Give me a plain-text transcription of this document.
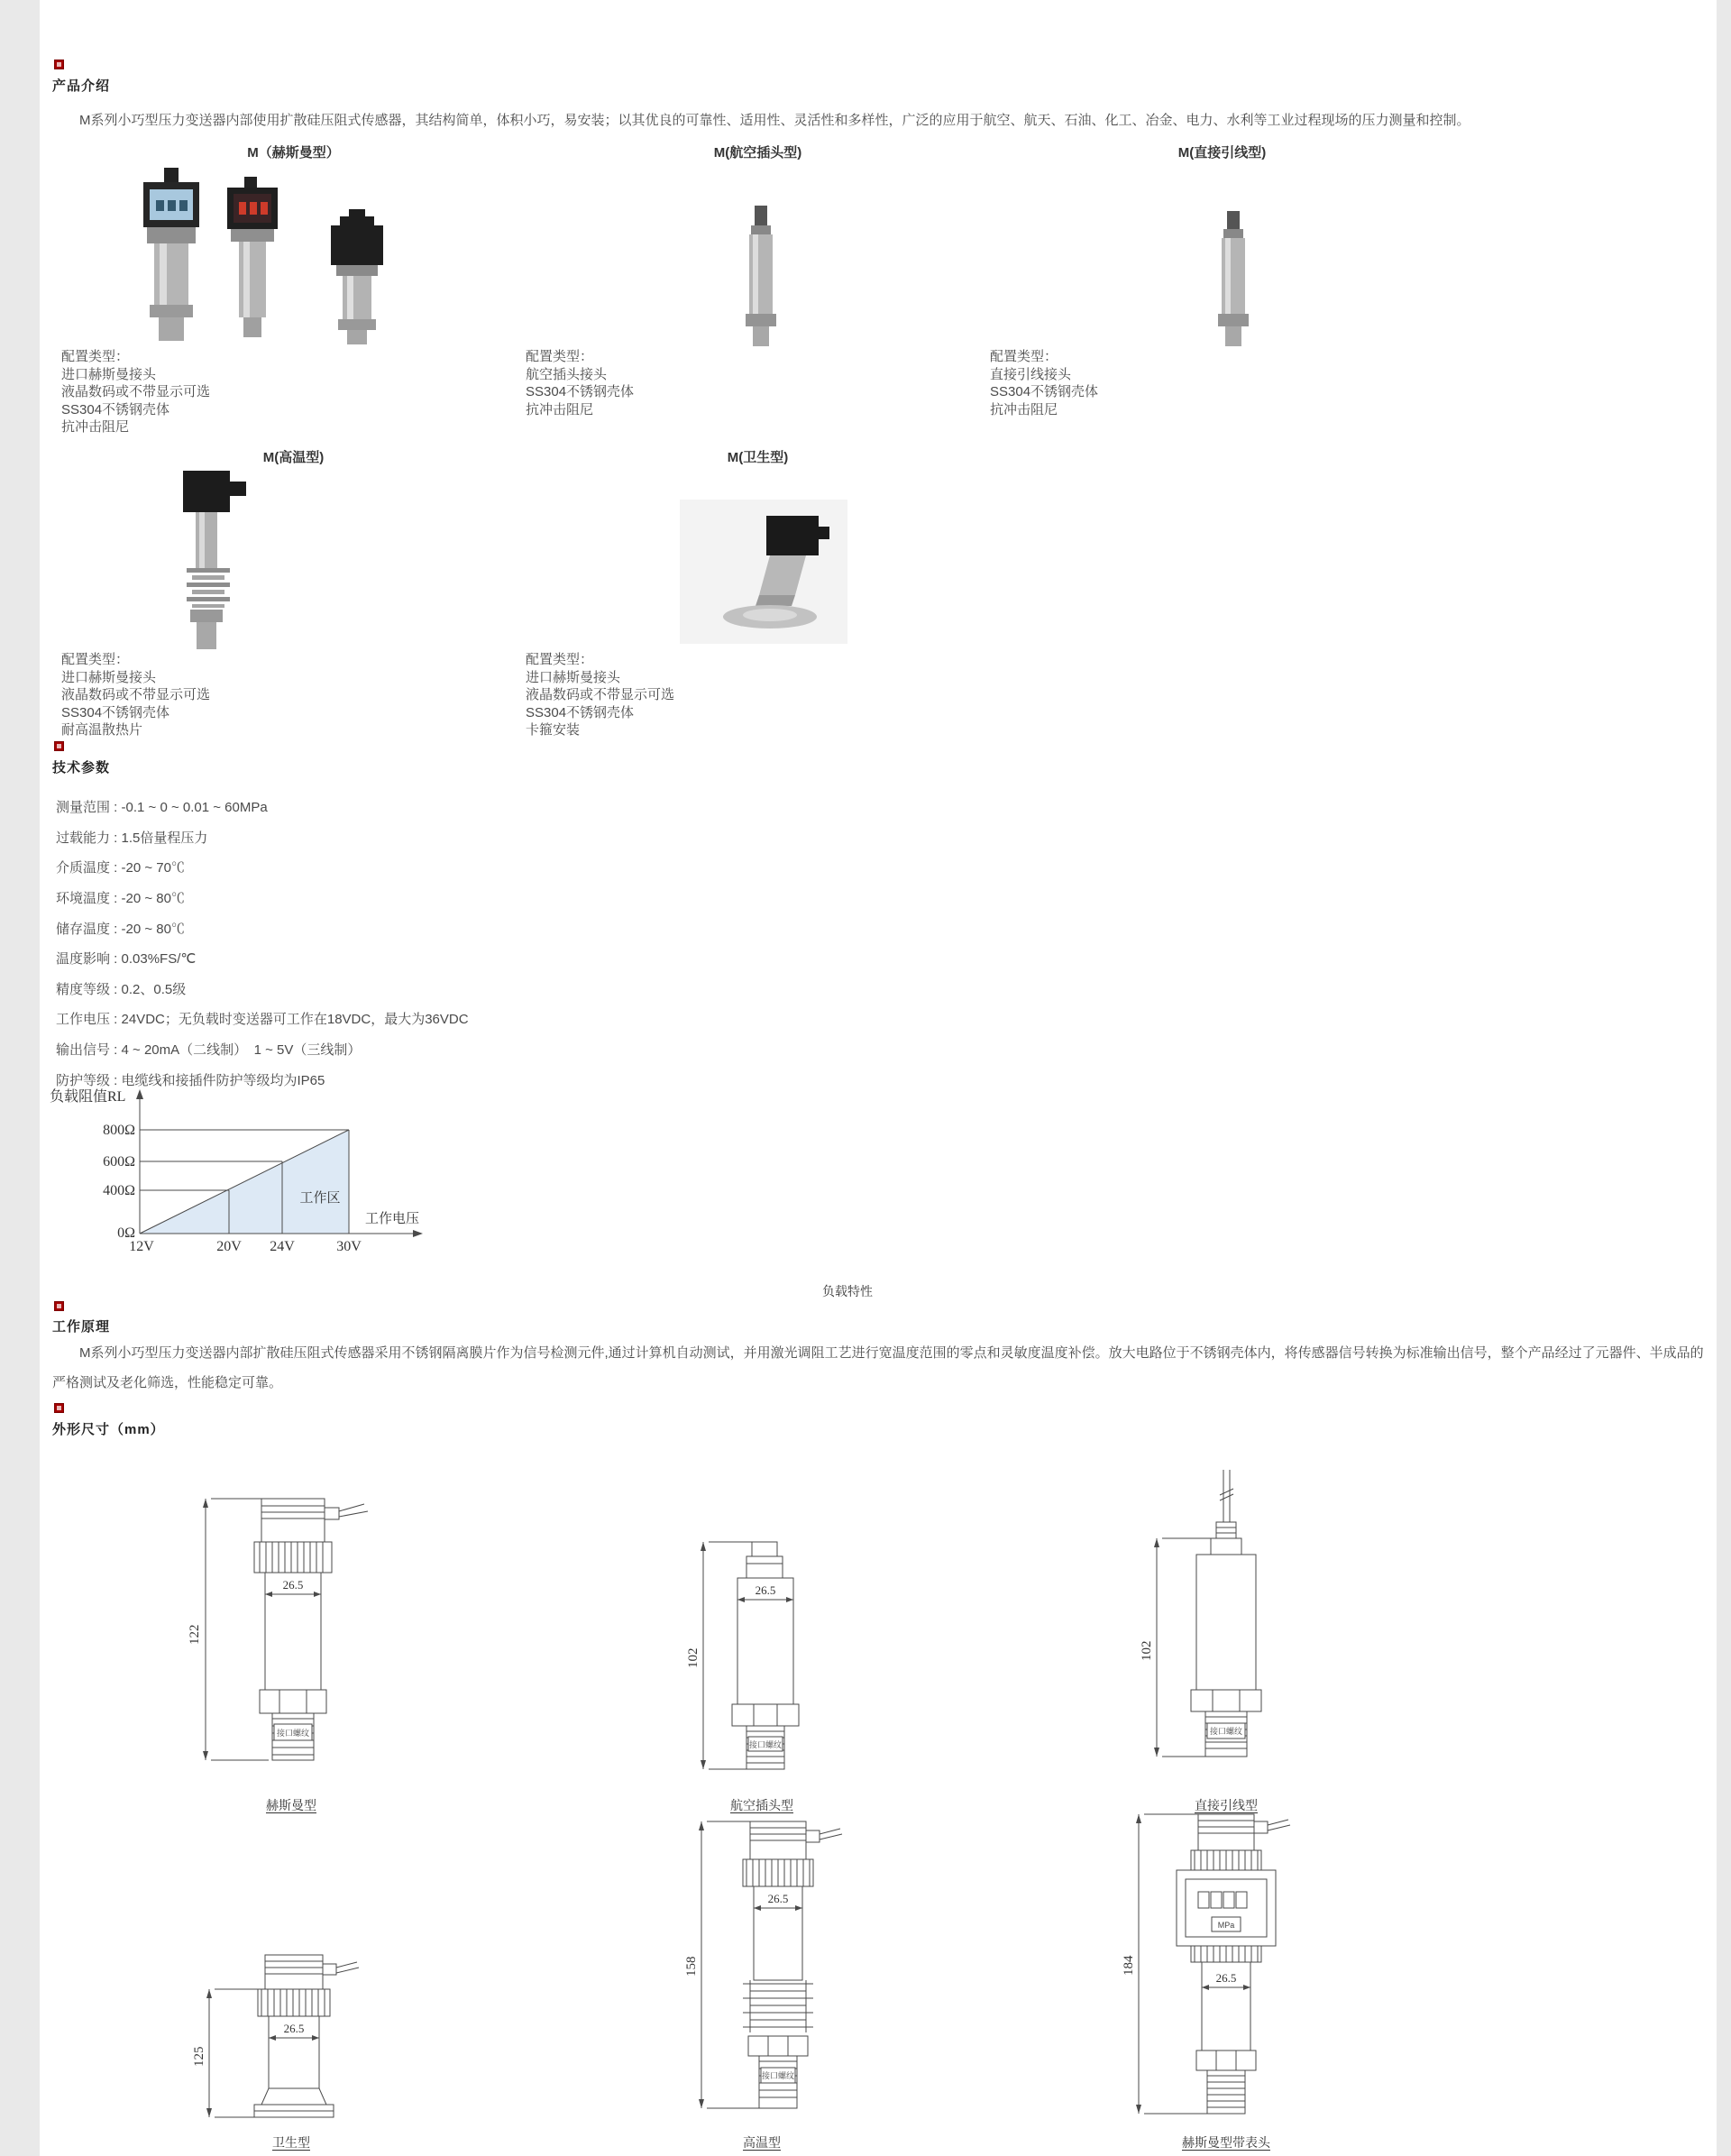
产品介绍
　　M系列小巧型压力变送器内部使用扩散硅压阻式传感器，其结构简单，体积小巧，易安装；以其优良的可靠性、适用性、灵活性和多样性，广泛的应用于航空、航天、石油、化工、冶金、电力、水利等工业过程现场的压力测量和控制。
M（赫斯曼型）	M(航空插头型)	M(直接引线型)
配置类型：
进口赫斯曼接头
液晶数码或不带显示可选
SS304不锈钢壳体
抗冲击阻尼
配置类型：
航空插头接头
SS304不锈钢壳体
抗冲击阻尼
配置类型：
直接引线接头
SS304不锈钢壳体
抗冲击阻尼
M(高温型)	M(卫生型)
配置类型：
进口赫斯曼接头
液晶数码或不带显示可选
SS304不锈钢壳体
耐高温散热片
配置类型：
进口赫斯曼接头
液晶数码或不带显示可选
SS304不锈钢壳体
卡箍安装
技术参数
测量范围 : -0.1 ~ 0 ~ 0.01 ~ 60MPa
过载能力 : 1.5倍量程压力
介质温度 : -20 ~ 70℃
环境温度 : -20 ~ 80℃
储存温度 : -20 ~ 80℃
温度影响 : 0.03%FS/℃
精度等级 : 0.2、0.5级
工作电压 : 24VDC；无负载时变送器可工作在18VDC，最大为36VDC
输出信号 : 4 ~ 20mA（二线制）　1 ~ 5V（三线制）
防护等级 : 电缆线和接插件防护等级均为IP65
负载阻值RL
800Ω
600Ω
400Ω
0Ω
12V	20V 24V	30V
工作区
工作电压
负载特性
工作原理
　　M系列小巧型压力变送器内部扩散硅压阻式传感器采用不锈钢隔离膜片作为信号检测元件,通过计算机自动测试，并用激光调阻工艺进行宽温度范围的零点和灵敏度温度补偿。放大电路位于不锈钢壳体内，将传感器信号转换为标准输出信号，整个产品经过了元器件、半成品的严格测试及老化筛选，性能稳定可靠。
外形尺寸（mm）
122
26.5
接口螺纹
赫斯曼型
102
26.5
接口螺纹
航空插头型
102
接口螺纹
直接引线型
125
26.5
卫生型
158
26.5
接口螺纹
高温型
184
MPa
26.5
赫斯曼型带表头
